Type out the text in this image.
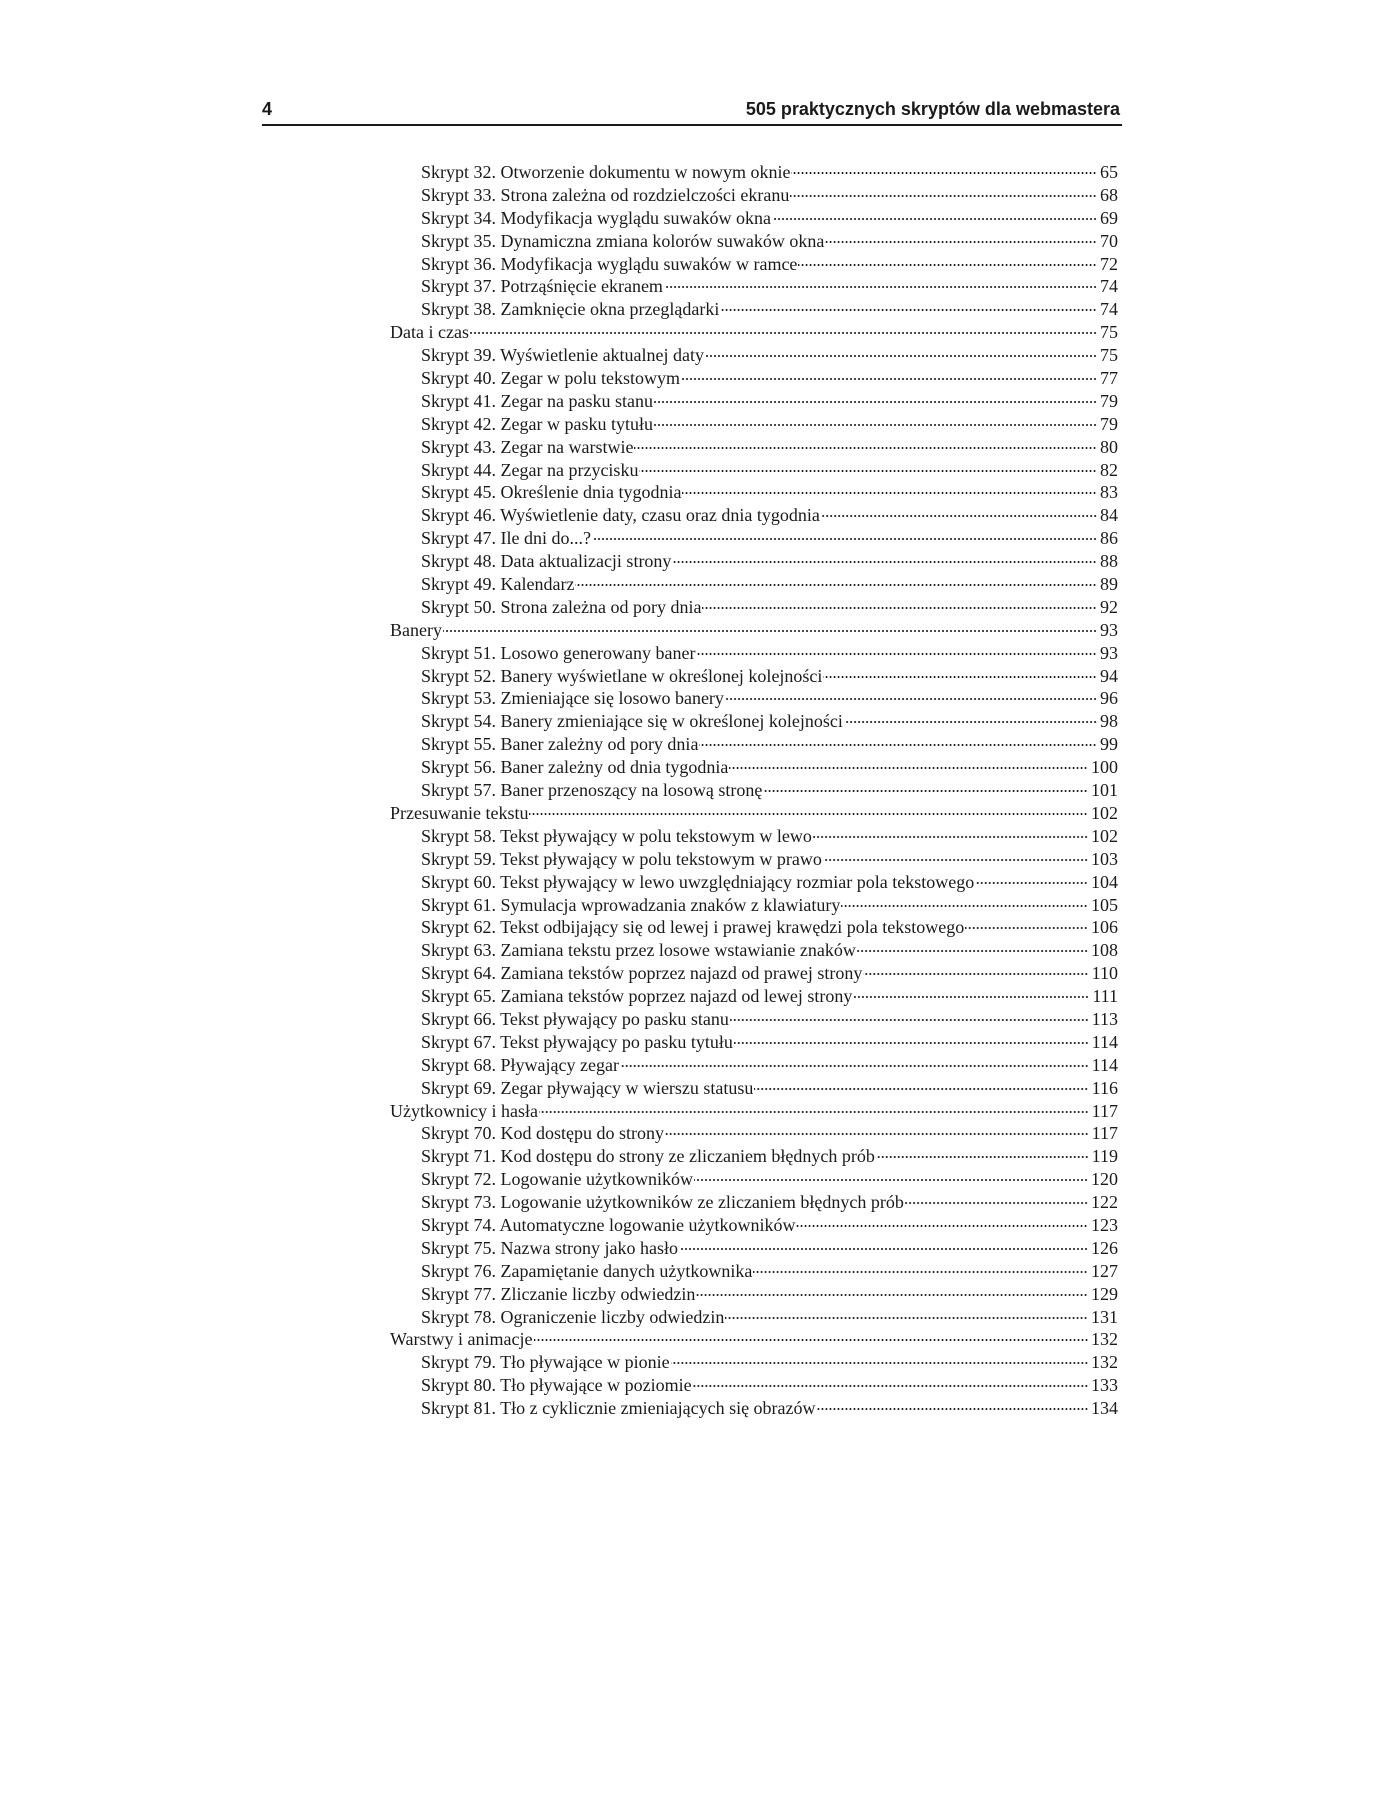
4	505 praktycznych skryptów dla webmastera
Skrypt 32. Otworzenie dokumentu w nowym oknie	65
Skrypt 33. Strona zależna od rozdzielczości ekranu	68
Skrypt 34. Modyfikacja wyglądu suwaków okna	69
Skrypt 35. Dynamiczna zmiana kolorów suwaków okna	70
Skrypt 36. Modyfikacja wyglądu suwaków w ramce	72
Skrypt 37. Potrząśnięcie ekranem	74
Skrypt 38. Zamknięcie okna przeglądarki	74
Data i czas	75
Skrypt 39. Wyświetlenie aktualnej daty	75
Skrypt 40. Zegar w polu tekstowym	77
Skrypt 41. Zegar na pasku stanu	79
Skrypt 42. Zegar w pasku tytułu	79
Skrypt 43. Zegar na warstwie	80
Skrypt 44. Zegar na przycisku	82
Skrypt 45. Określenie dnia tygodnia	83
Skrypt 46. Wyświetlenie daty, czasu oraz dnia tygodnia	84
Skrypt 47. Ile dni do...?	86
Skrypt 48. Data aktualizacji strony	88
Skrypt 49. Kalendarz	89
Skrypt 50. Strona zależna od pory dnia	92
Banery	93
Skrypt 51. Losowo generowany baner	93
Skrypt 52. Banery wyświetlane w określonej kolejności	94
Skrypt 53. Zmieniające się losowo banery	96
Skrypt 54. Banery zmieniające się w określonej kolejności	98
Skrypt 55. Baner zależny od pory dnia	99
Skrypt 56. Baner zależny od dnia tygodnia	100
Skrypt 57. Baner przenoszący na losową stronę	101
Przesuwanie tekstu	102
Skrypt 58. Tekst pływający w polu tekstowym w lewo	102
Skrypt 59. Tekst pływający w polu tekstowym w prawo	103
Skrypt 60. Tekst pływający w lewo uwzględniający rozmiar pola tekstowego	104
Skrypt 61. Symulacja wprowadzania znaków z klawiatury	105
Skrypt 62. Tekst odbijający się od lewej i prawej krawędzi pola tekstowego	106
Skrypt 63. Zamiana tekstu przez losowe wstawianie znaków	108
Skrypt 64. Zamiana tekstów poprzez najazd od prawej strony	110
Skrypt 65. Zamiana tekstów poprzez najazd od lewej strony	111
Skrypt 66. Tekst pływający po pasku stanu	113
Skrypt 67. Tekst pływający po pasku tytułu	114
Skrypt 68. Pływający zegar	114
Skrypt 69. Zegar pływający w wierszu statusu	116
Użytkownicy i hasła	117
Skrypt 70. Kod dostępu do strony	117
Skrypt 71. Kod dostępu do strony ze zliczaniem błędnych prób	119
Skrypt 72. Logowanie użytkowników	120
Skrypt 73. Logowanie użytkowników ze zliczaniem błędnych prób	122
Skrypt 74. Automatyczne logowanie użytkowników	123
Skrypt 75. Nazwa strony jako hasło	126
Skrypt 76. Zapamiętanie danych użytkownika	127
Skrypt 77. Zliczanie liczby odwiedzin	129
Skrypt 78. Ograniczenie liczby odwiedzin	131
Warstwy i animacje	132
Skrypt 79. Tło pływające w pionie	132
Skrypt 80. Tło pływające w poziomie	133
Skrypt 81. Tło z cyklicznie zmieniających się obrazów	134
